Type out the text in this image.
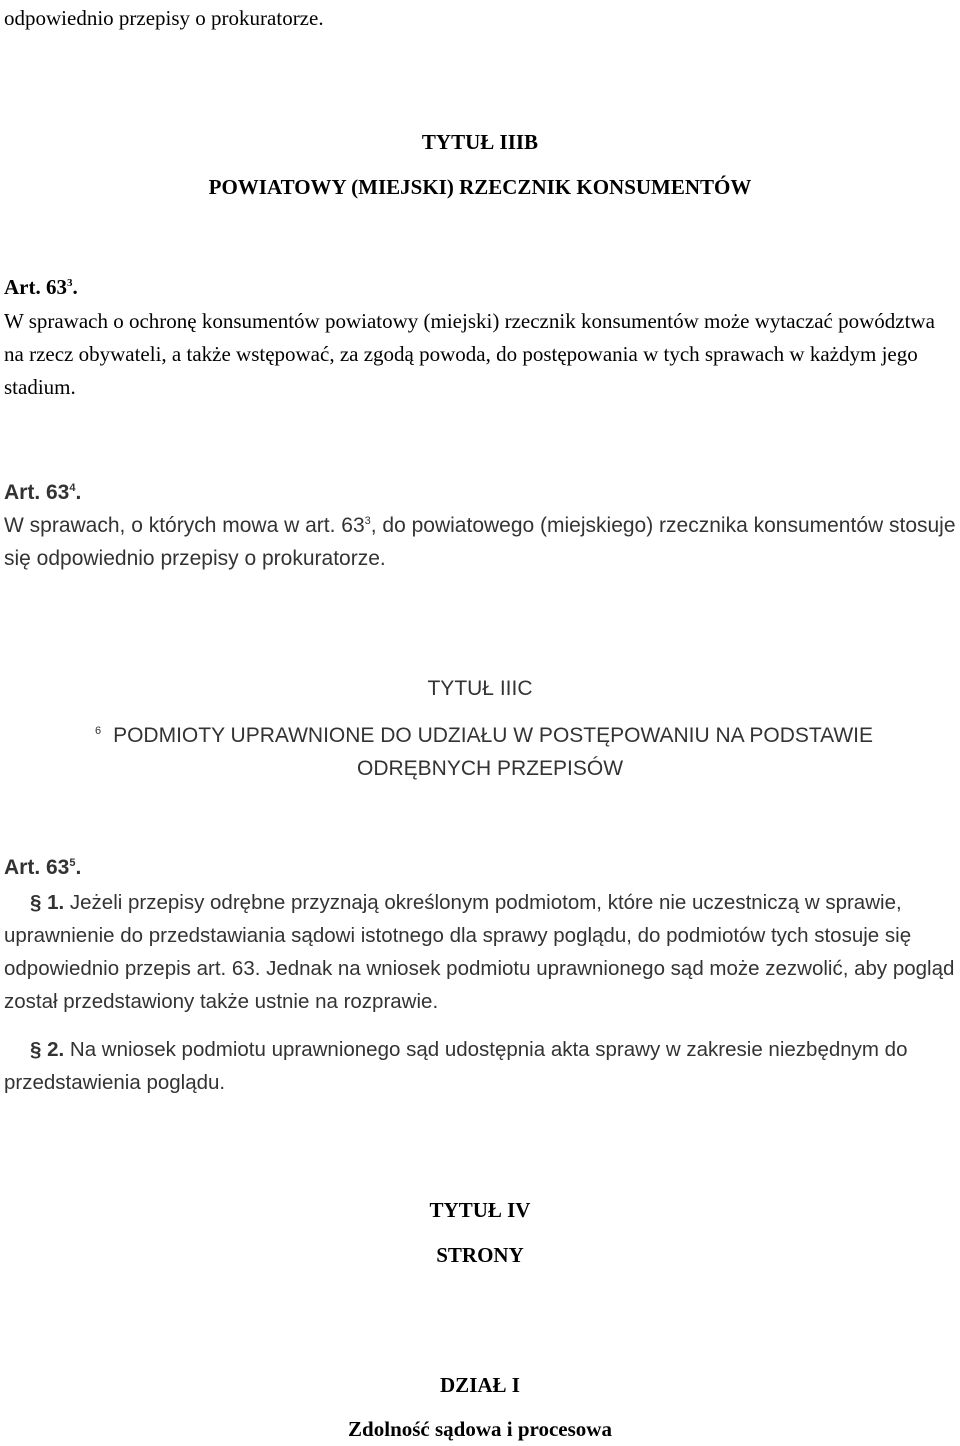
odpowiednio przepisy o prokuratorze.

TYTUŁ IIIB

POWIATOWY (MIEJSKI) RZECZNIK KONSUMENTÓW

Art. $63^3$.

W sprawach o ochronę konsumentów powiatowy (miejski) rzecznik konsumentów może wytaczać powództwa na rzecz obywateli, a także wstępować, za zgodą powoda, do postępowania w tych sprawach w każdym jego stadium.

Art. $63^4$.

W sprawach, o których mowa w art. $63^3$, do powiatowego (miejskiego) rzecznika konsumentów stosuje się odpowiednio przepisy o prokuratorze.

TYTUŁ IIIC

$^6$ PODMIOTY UPRAWNIONE DO UDZIAŁU W POSTĘPOWANIU NA PODSTAWIE ODRĘBNYCH PRZEPISÓW

Art. $63^5$.

§ 1. Jeżeli przepisy odrębne przyznają określonym podmiotom, które nie uczestniczą w sprawie, uprawnienie do przedstawiania sądowi istotnego dla sprawy poglądu, do podmiotów tych stosuje się odpowiednio przepis art. 63. Jednak na wniosek podmiotu uprawnionego sąd może zezwolić, aby pogląd został przedstawiony także ustnie na rozprawie.

§ 2. Na wniosek podmiotu uprawnionego sąd udostępnia akta sprawy w zakresie niezbędnym do przedstawienia poglądu.

TYTUŁ IV

STRONY

DZIAŁ I

Zdolność sądowa i procesowa
